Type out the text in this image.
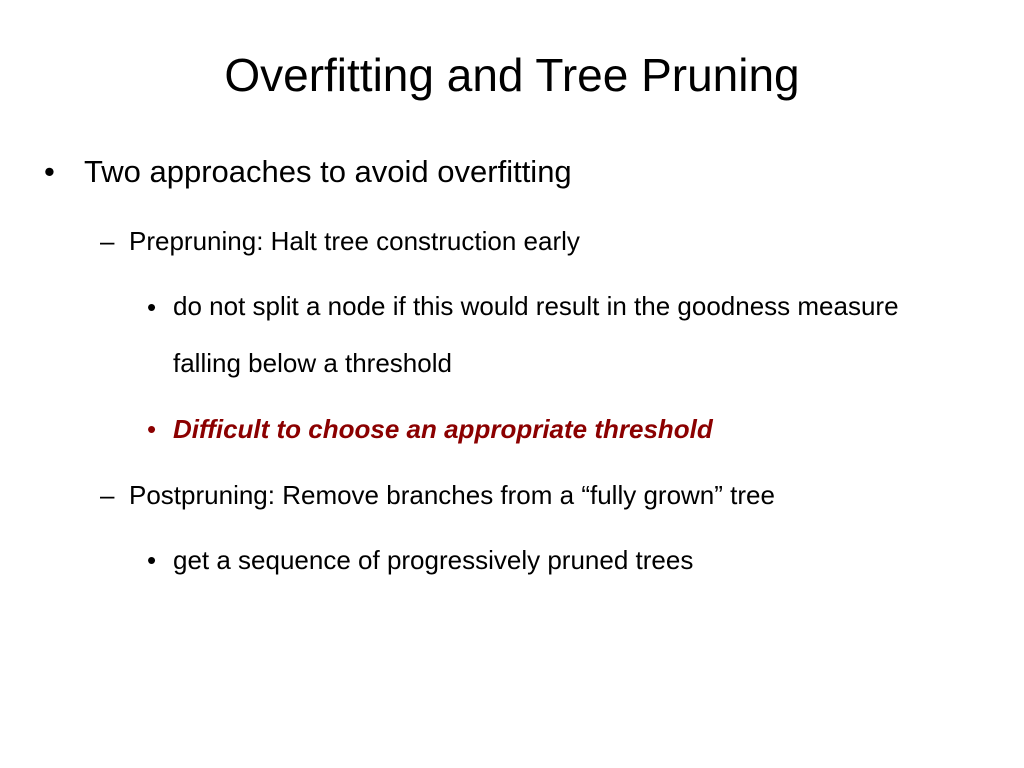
Overfitting and Tree Pruning
• Two approaches to avoid overfitting
– Prepruning: Halt tree construction early
• do not split a node if this would result in the goodness measure falling below a threshold
• Difficult to choose an appropriate threshold
– Postpruning: Remove branches from a “fully grown” tree
• get a sequence of progressively pruned trees
